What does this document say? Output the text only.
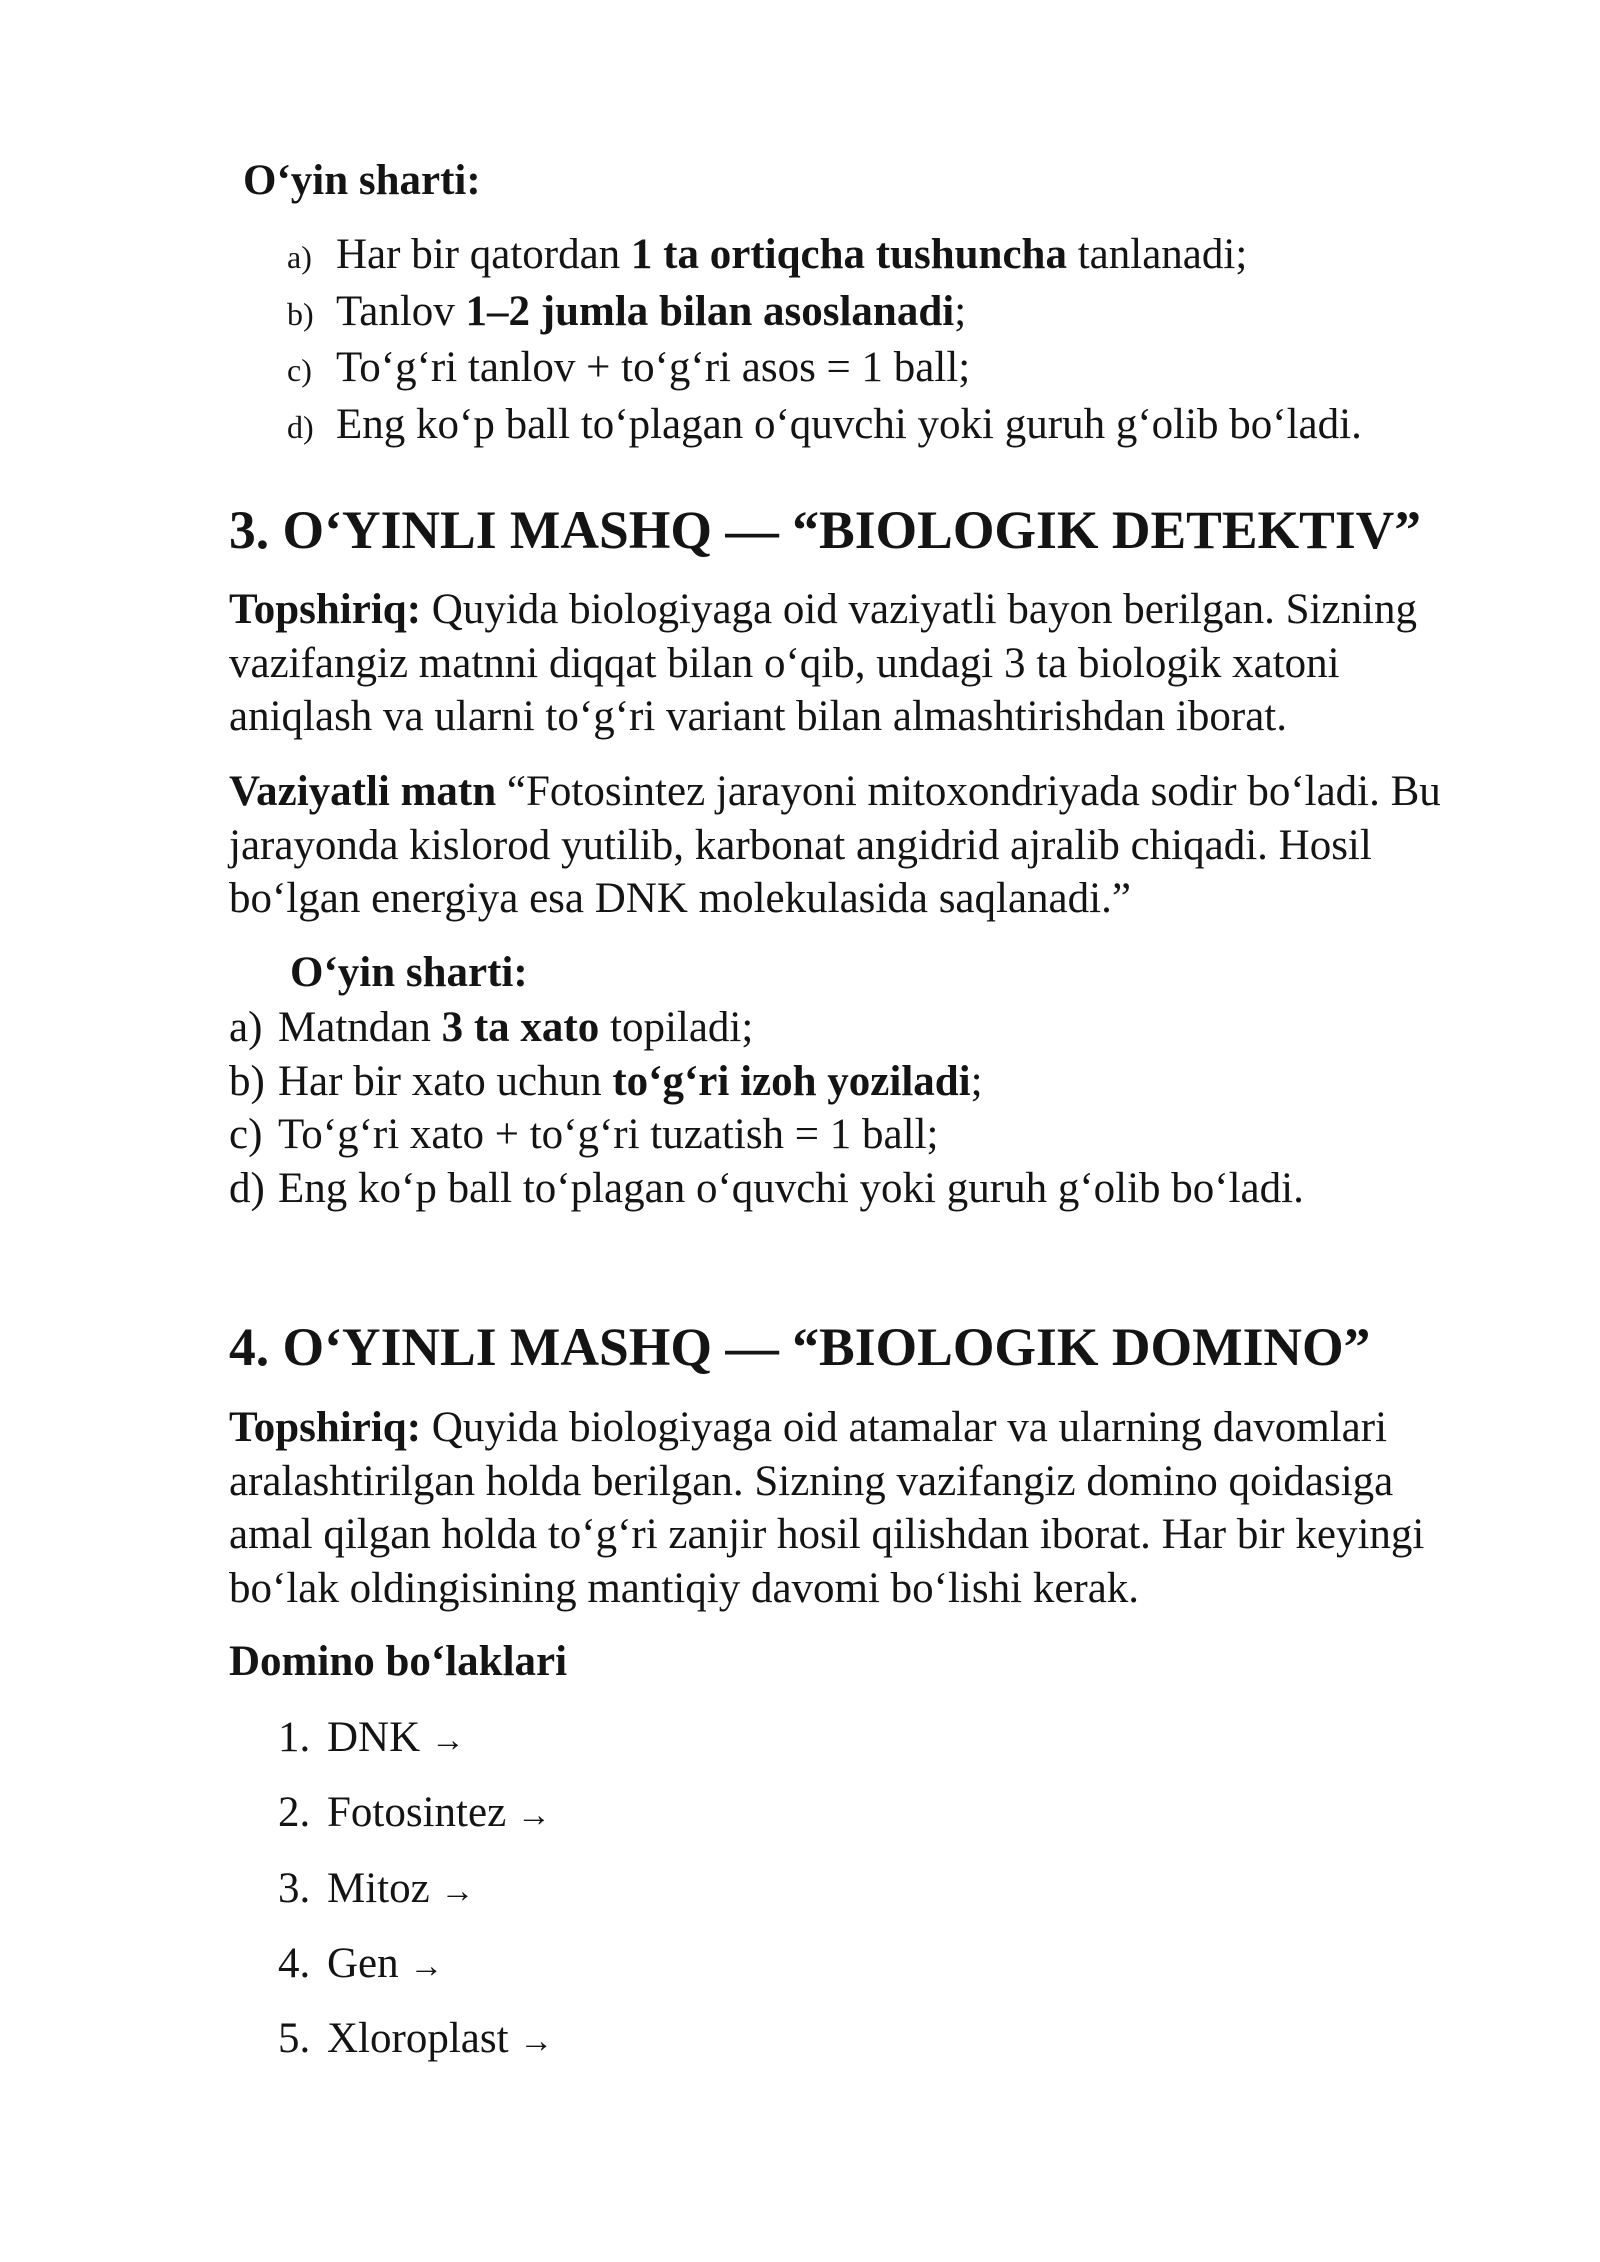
O‘yin sharti:
a) Har bir qatordan 1 ta ortiqcha tushuncha tanlanadi;
b) Tanlov 1–2 jumla bilan asoslanadi;
c) To‘g‘ri tanlov + to‘g‘ri asos = 1 ball;
d) Eng ko‘p ball to‘plagan o‘quvchi yoki guruh g‘olib bo‘ladi.
3. O‘YINLI MASHQ — “BIOLOGIK DETEKTIV”
Topshiriq: Quyida biologiyaga oid vaziyatli bayon berilgan. Sizning vazifangiz matnni diqqat bilan o‘qib, undagi 3 ta biologik xatoni aniqlash va ularni to‘g‘ri variant bilan almashtirishdan iborat.
Vaziyatli matn “Fotosintez jarayoni mitoxondriyada sodir bo‘ladi. Bu jarayonda kislorod yutilib, karbonat angidrid ajralib chiqadi. Hosil bo‘lgan energiya esa DNK molekulasida saqlanadi.”
O‘yin sharti:
a) Matndan 3 ta xato topiladi;
b) Har bir xato uchun to‘g‘ri izoh yoziladi;
c) To‘g‘ri xato + to‘g‘ri tuzatish = 1 ball;
d) Eng ko‘p ball to‘plagan o‘quvchi yoki guruh g‘olib bo‘ladi.
4. O‘YINLI MASHQ — “BIOLOGIK DOMINO”
Topshiriq: Quyida biologiyaga oid atamalar va ularning davomlari aralashtirilgan holda berilgan. Sizning vazifangiz domino qoidasiga amal qilgan holda to‘g‘ri zanjir hosil qilishdan iborat. Har bir keyingi bo‘lak oldingisining mantiqiy davomi bo‘lishi kerak.
Domino bo‘laklari
1. DNK
→
2. Fotosintez
→
3. Mitoz
→
4. Gen
→
5. Xloroplast
→
